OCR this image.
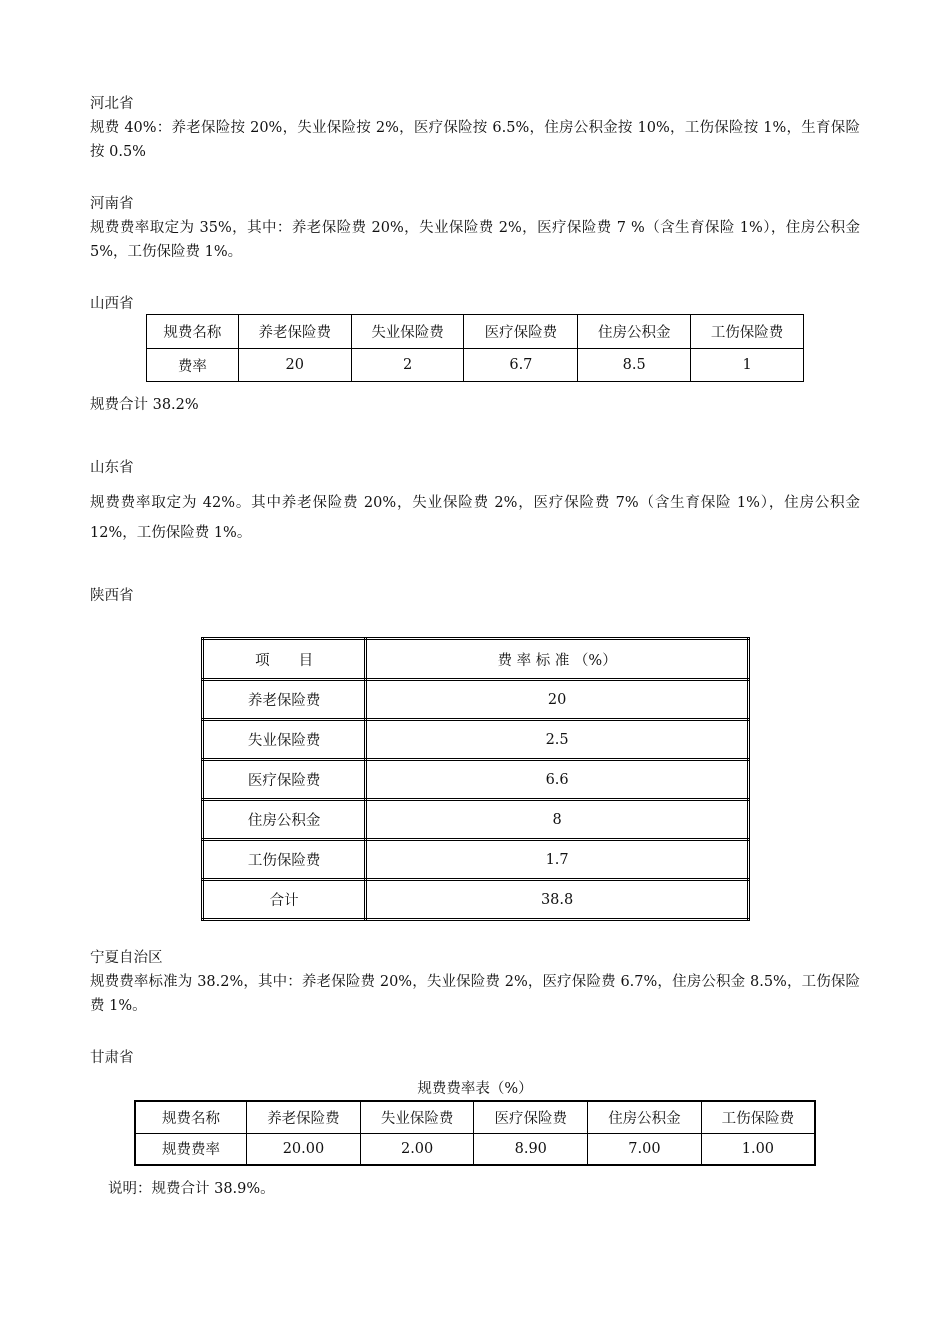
河北省
规费 40%：养老保险按 20%，失业保险按 2%，医疗保险按 6.5%，住房公积金按 10%，工伤保险按 1%，生育保险按 0.5%
河南省
规费费率取定为 35%，其中：养老保险费 20%，失业保险费 2%，医疗保险费 7 %（含生育保险 1%），住房公积金 5%，工伤保险费 1%。
山西省
规费名称	养老保险费	失业保险费	医疗保险费	住房公积金	工伤保险费
费率	20	2	6.7	8.5	1
规费合计 38.2%
山东省
规费费率取定为 42%。其中养老保险费 20%，失业保险费 2%，医疗保险费 7%（含生育保险 1%），住房公积金 12%，工伤保险费 1%。
陕西省
项　　目	费 率 标 准 （%）
养老保险费	20
失业保险费	2.5
医疗保险费	6.6
住房公积金	8
工伤保险费	1.7
合计	38.8
宁夏自治区
规费费率标准为 38.2%，其中：养老保险费 20%，失业保险费 2%，医疗保险费 6.7%，住房公积金 8.5%，工伤保险费 1%。
甘肃省
规费费率表（%）
规费名称	养老保险费	失业保险费	医疗保险费	住房公积金	工伤保险费
规费费率	20.00	2.00	8.90	7.00	1.00
说明：规费合计 38.9%。
